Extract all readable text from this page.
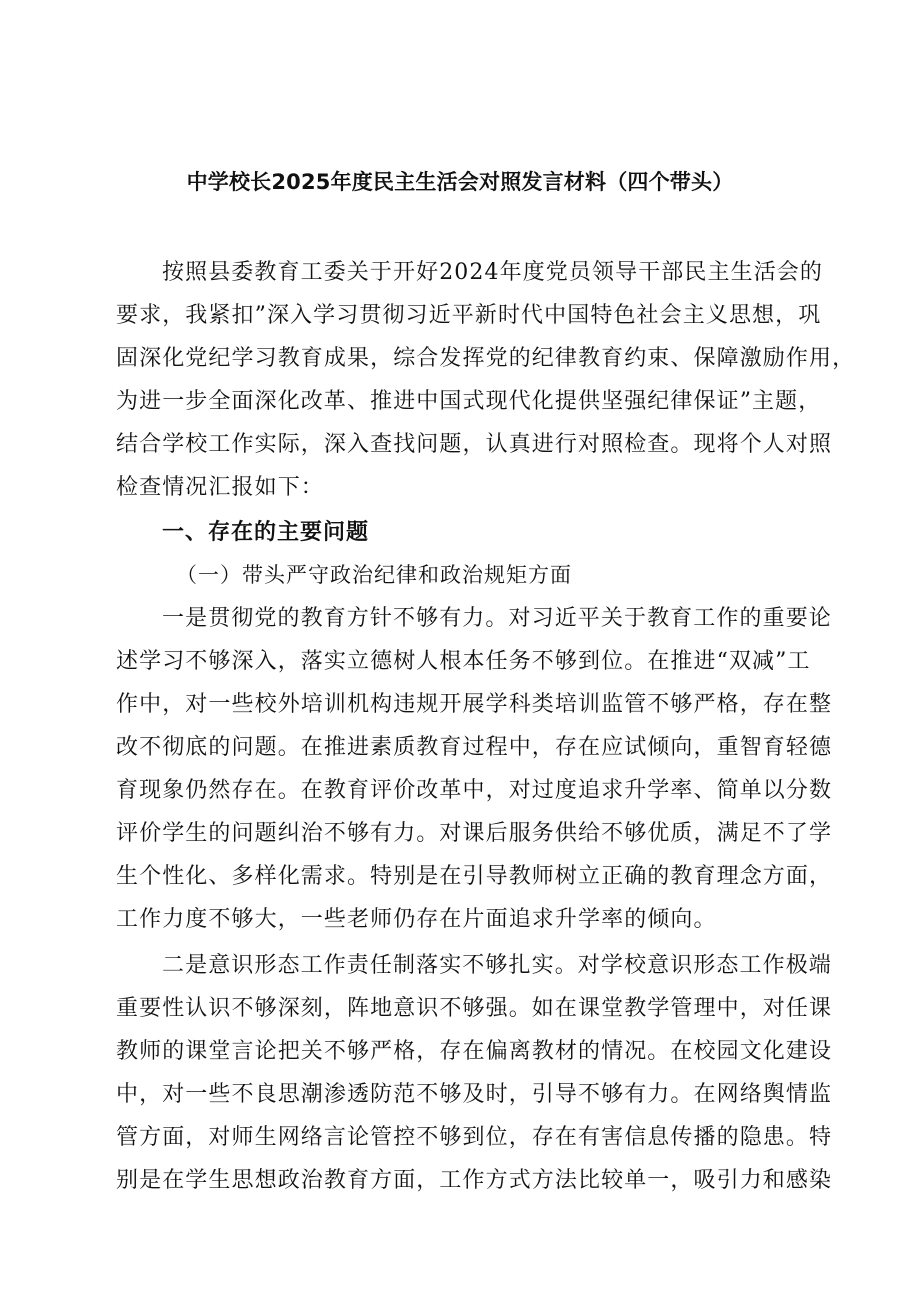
中学校长2025年度民主生活会对照发言材料（四个带头）
按照县委教育工委关于开好2024年度党员领导干部民主生活会的
要求，我紧扣”深入学习贯彻习近平新时代中国特色社会主义思想，巩
固深化党纪学习教育成果，综合发挥党的纪律教育约束、保障激励作用，
为进一步全面深化改革、推进中国式现代化提供坚强纪律保证”主题，
结合学校工作实际，深入查找问题，认真进行对照检查。现将个人对照
检查情况汇报如下：
一、存在的主要问题
（一）带头严守政治纪律和政治规矩方面
一是贯彻党的教育方针不够有力。对习近平关于教育工作的重要论
述学习不够深入，落实立德树人根本任务不够到位。在推进“双减”工
作中，对一些校外培训机构违规开展学科类培训监管不够严格，存在整
改不彻底的问题。在推进素质教育过程中，存在应试倾向，重智育轻德
育现象仍然存在。在教育评价改革中，对过度追求升学率、简单以分数
评价学生的问题纠治不够有力。对课后服务供给不够优质，满足不了学
生个性化、多样化需求。特别是在引导教师树立正确的教育理念方面，
工作力度不够大，一些老师仍存在片面追求升学率的倾向。
二是意识形态工作责任制落实不够扎实。对学校意识形态工作极端
重要性认识不够深刻，阵地意识不够强。如在课堂教学管理中，对任课
教师的课堂言论把关不够严格，存在偏离教材的情况。在校园文化建设
中，对一些不良思潮渗透防范不够及时，引导不够有力。在网络舆情监
管方面，对师生网络言论管控不够到位，存在有害信息传播的隐患。特
别是在学生思想政治教育方面，工作方式方法比较单一，吸引力和感染
